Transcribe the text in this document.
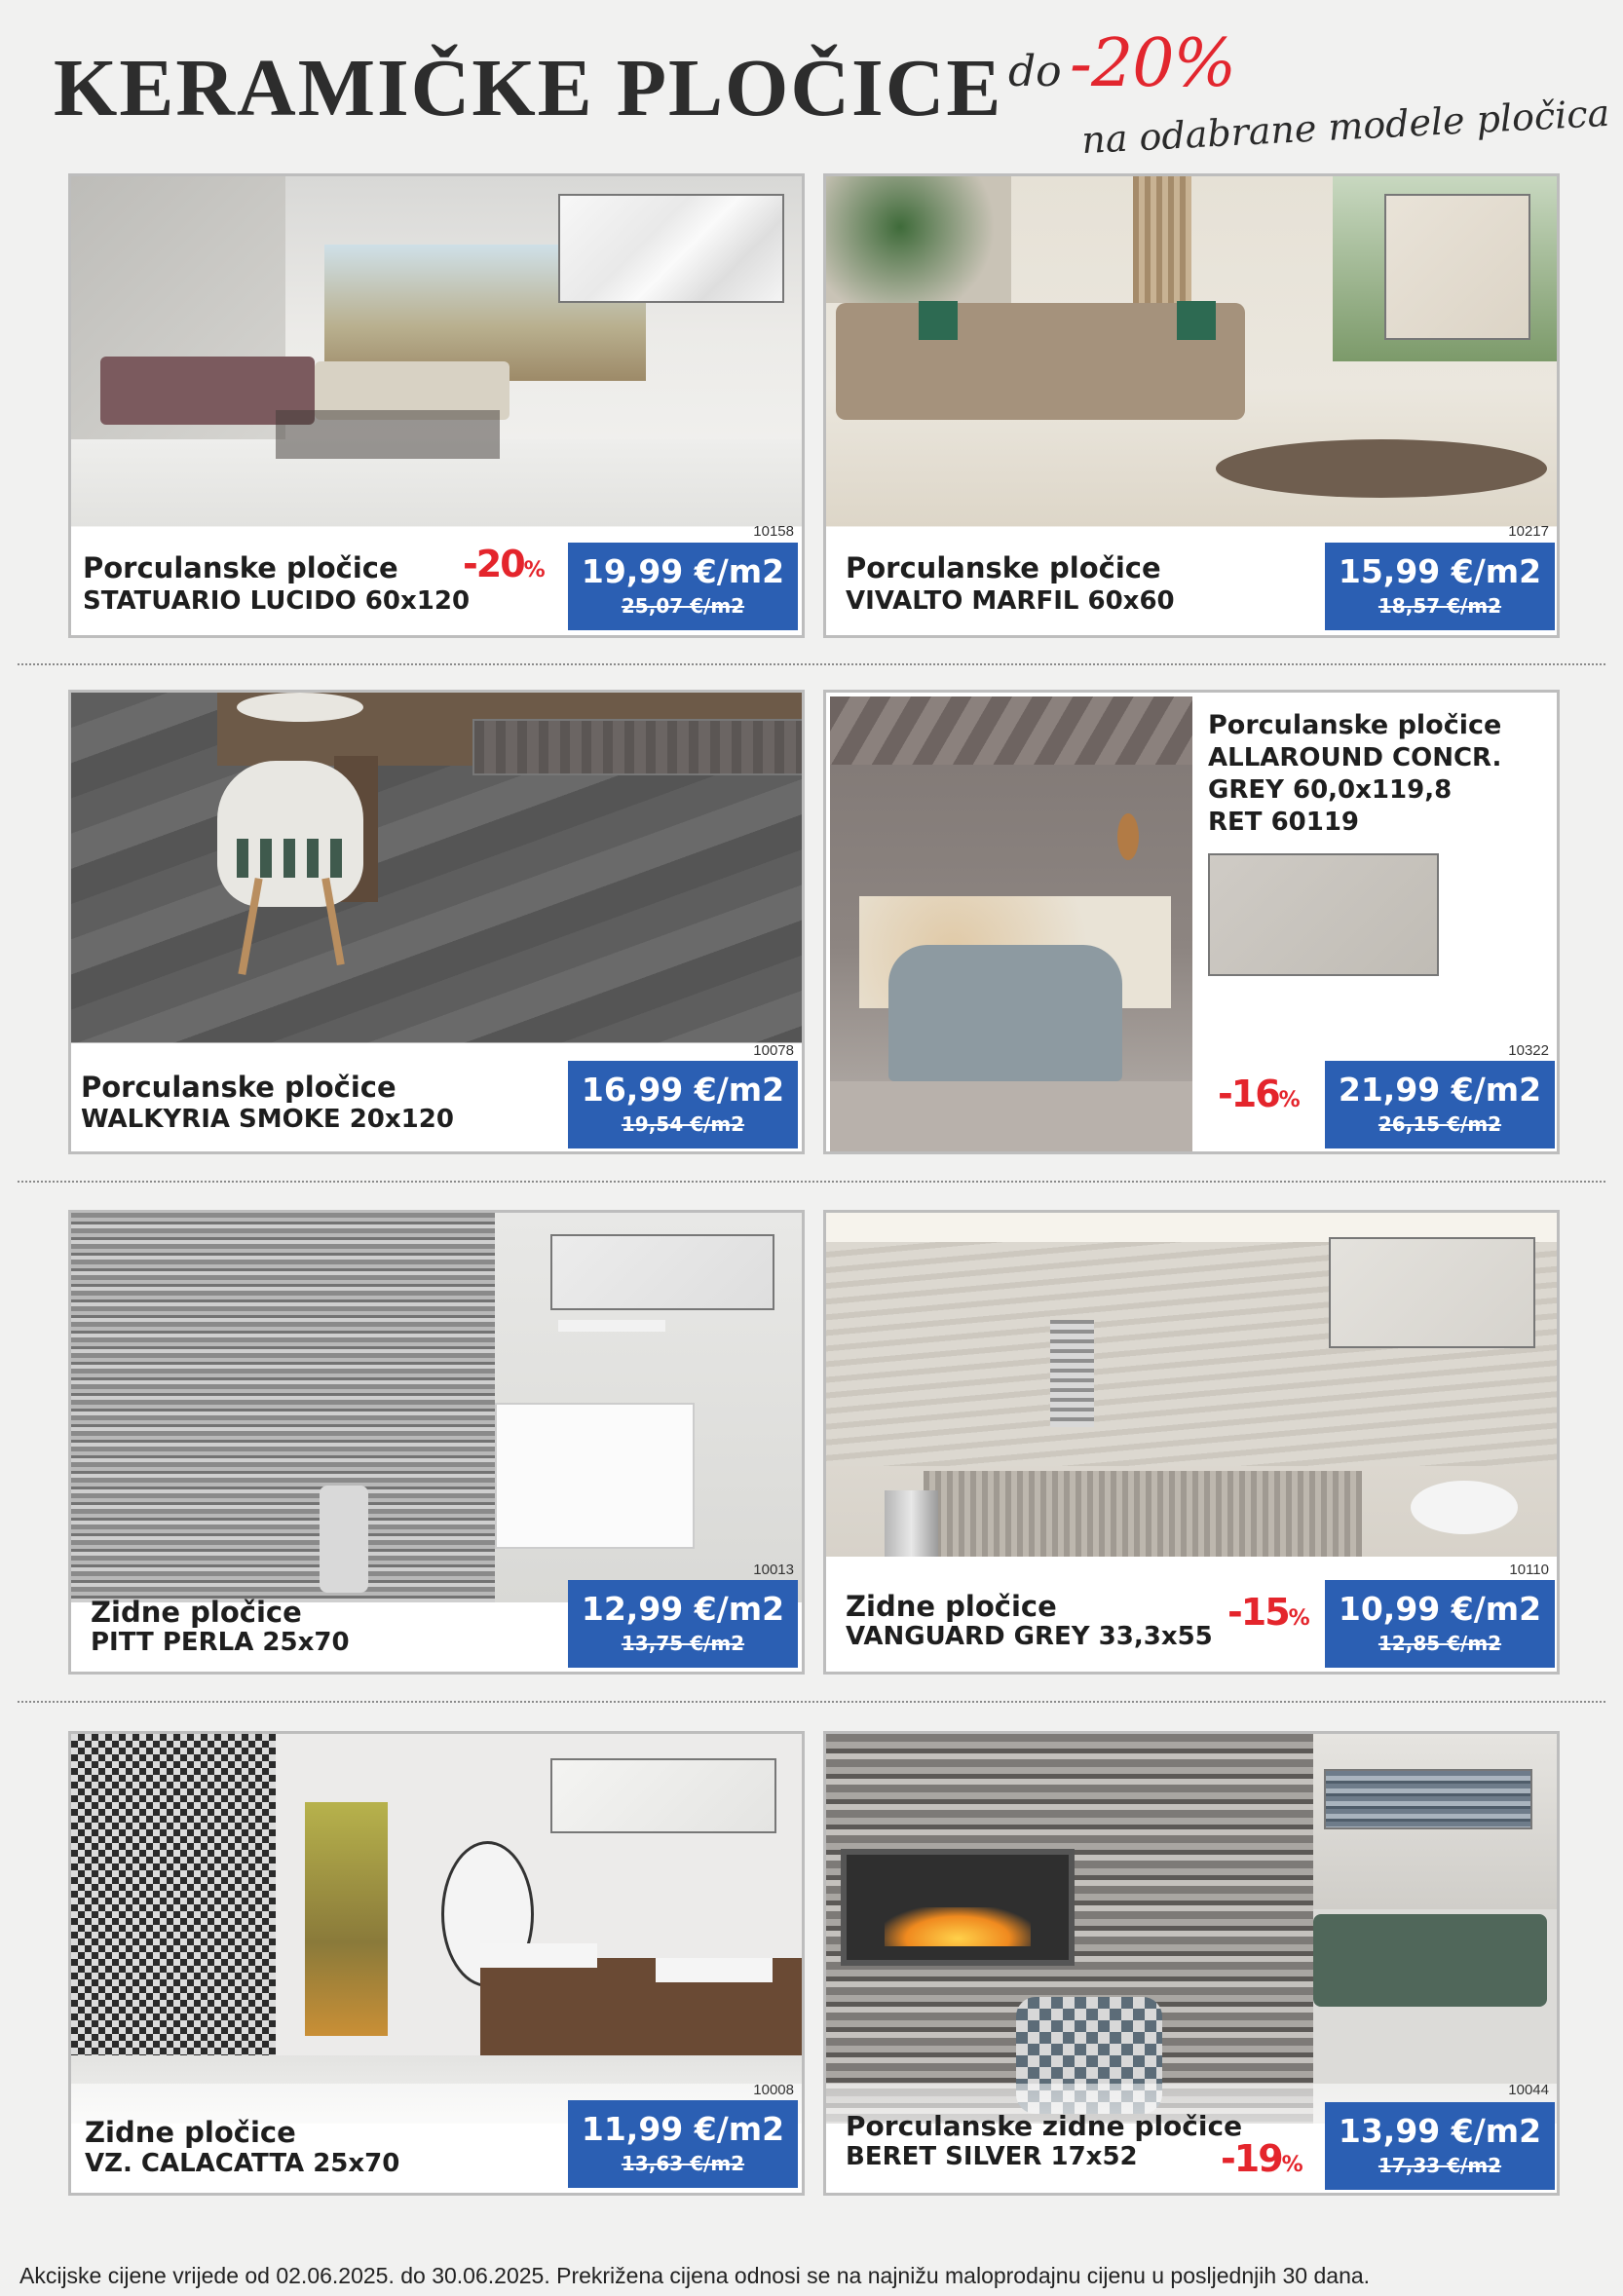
KERAMIČKE PLOČICE do -20%
na odabrane modele pločica
10158
Porculanske pločice
STATUARIO LUCIDO 60x120
-20%	19,99 €/m2
25,07 €/m2
10217
Porculanske pločice
VIVALTO MARFIL 60x60
15,99 €/m2
18,57 €/m2
10078
Porculanske pločice
WALKYRIA SMOKE 20x120
16,99 €/m2
19,54 €/m2
Porculanske pločice
ALLAROUND CONCR.
GREY 60,0x119,8
RET 60119
10322
-16%	21,99 €/m2
26,15 €/m2
10013
Zidne pločice
PITT PERLA 25x70
12,99 €/m2
13,75 €/m2
10110
Zidne pločice
VANGUARD GREY 33,3x55
-15% 10,99 €/m2
12,85 €/m2
10008
Zidne pločice
VZ. CALACATTA 25x70
11,99 €/m2
13,63 €/m2
10044
Porculanske zidne pločice
BERET SILVER 17x52 -19%
13,99 €/m2
17,33 €/m2
Akcijske cijene vrijede od 02.06.2025. do 30.06.2025. Prekrižena cijena odnosi se na najnižu maloprodajnu cijenu u posljednjih 30 dana.
